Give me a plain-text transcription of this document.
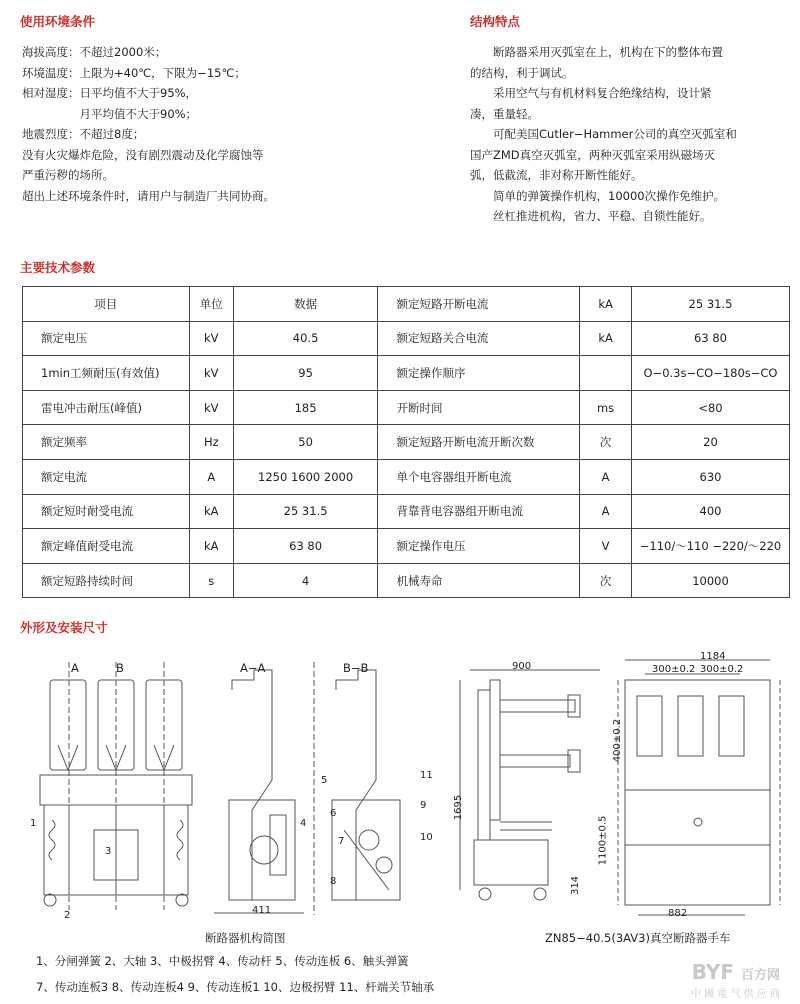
使用环境条件
海拔高度：不超过2000米；
环境温度：上限为+40℃，下限为−15℃；
相对湿度：日平均值不大于95%，
　　　　　月平均值不大于90%；
地震烈度：不超过8度；
没有火灾爆炸危险，没有剧烈震动及化学腐蚀等
严重污秽的场所。
超出上述环境条件时，请用户与制造厂共同协商。
结构特点
　　断路器采用灭弧室在上，机构在下的整体布置
的结构，利于调试。
　　采用空气与有机材料复合绝缘结构，设计紧
凑，重量轻。
　　可配美国Cutler−Hammer公司的真空灭弧室和
国产ZMD真空灭弧室，两种灭弧室采用纵磁场灭
弧，低截流，非对称开断性能好。
　　简单的弹簧操作机构，10000次操作免维护。
　　丝杠推进机构，省力、平稳、自锁性能好。
主要技术参数
项目	单位	数据	额定短路开断电流	kA	25 31.5
额定电压	kV	40.5	额定短路关合电流	kA	63 80
1min工频耐压(有效值)	kV	95	额定操作顺序		O−0.3s−CO−180s−CO
雷电冲击耐压(峰值)	kV	185	开断时间	ms	<80
额定频率	Hz	50	额定短路开断电流开断次数	次	20
额定电流	A	1250 1600 2000	单个电容器组开断电流	A	630
额定短时耐受电流	kA	25 31.5	背靠背电容器组开断电流	A	400
额定峰值耐受电流	kA	63 80	额定操作电压	V	−110/～110 −220/～220
额定短路持续时间	s	4	机械寿命	次	10000
外形及安装尺寸
A	B	A−A	B−B
411
1
2
3
4
5
6
7
8
9
10
11
900
1184
300±0.2 300±0.2
400±0.2
1695
1100±0.5
314
882
断路器机构简图	ZN85−40.5(3AV3)真空断路器手车
1、分闸弹簧 2、大轴 3、中极拐臂 4、传动杆 5、传动连板 6、触头弹簧
7、传动连板3 8、传动连板4 9、传动连板1 10、边极拐臂 11、杆端关节轴承
BYF 百方网
中 國 電 气 供 应 商
